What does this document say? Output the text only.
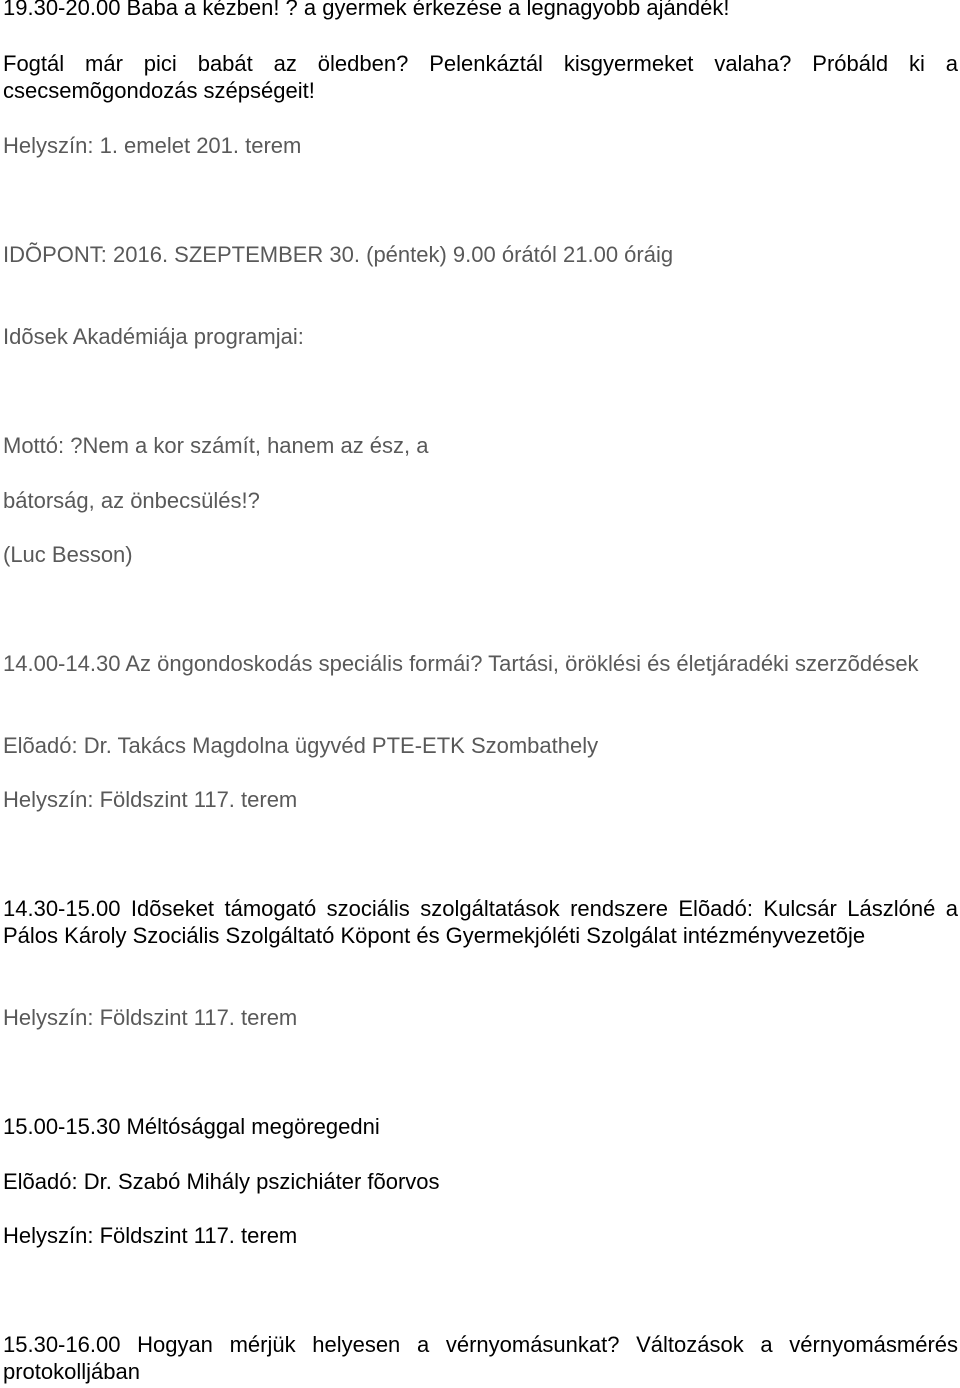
19.30-20.00 Baba a kézben! ? a gyermek érkezése a legnagyobb ajándék!

Fogtál már pici babát az öledben? Pelenkáztál kisgyermeket valaha? Próbáld ki a csecsemõgondozás szépségeit!

Helyszín: 1. emelet 201. terem

IDÕPONT: 2016. SZEPTEMBER 30. (péntek) 9.00 órától 21.00 óráig

Idõsek Akadémiája programjai:

Mottó: ?Nem a kor számít, hanem az ész, a

bátorság, az önbecsülés!?

(Luc Besson)

14.00-14.30 Az öngondoskodás speciális formái? Tartási, öröklési és életjáradéki szerzõdések

Elõadó: Dr. Takács Magdolna ügyvéd PTE-ETK Szombathely

Helyszín: Földszint 117. terem

14.30-15.00 Idõseket támogató szociális szolgáltatások rendszere Elõadó: Kulcsár Lászlóné a Pálos Károly Szociális Szolgáltató Köpont és Gyermekjóléti Szolgálat intézményvezetõje

Helyszín: Földszint 117. terem

15.00-15.30 Méltósággal megöregedni

Elõadó: Dr. Szabó Mihály pszichiáter fõorvos

Helyszín: Földszint 117. terem

15.30-16.00 Hogyan mérjük helyesen a vérnyomásunkat? Változások a vérnyomásmérés protokolljában
